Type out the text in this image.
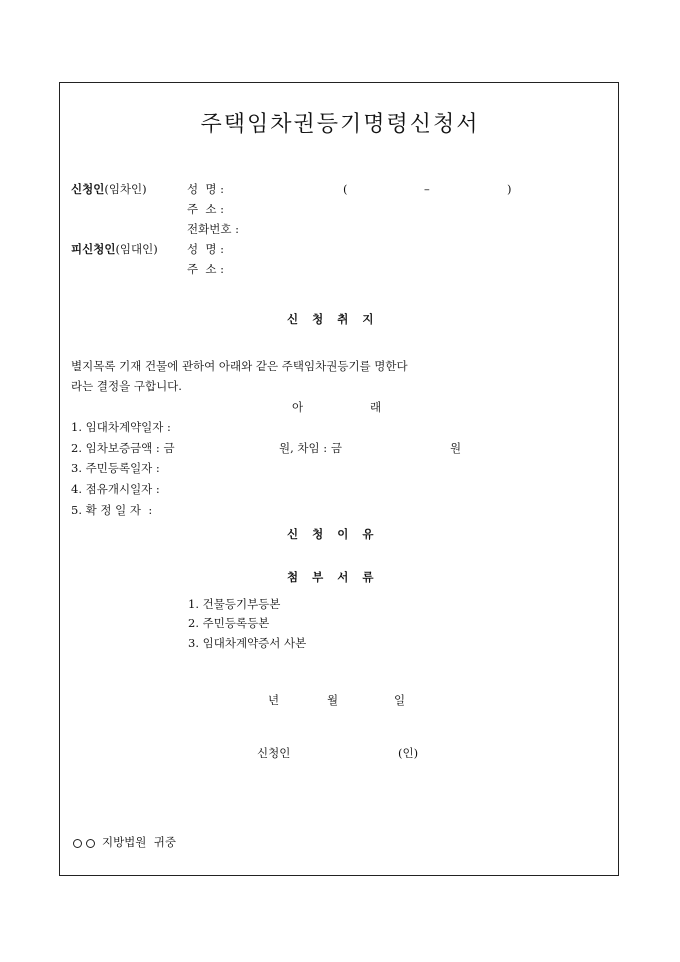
주택임차권등기명령신청서
신청인(임차인)	성  명 :	(	–	)
주  소 :
전화번호 :
피신청인(임대인)	성  명 :
주  소 :
신청취지
별지목록 기재 건물에 관하여 아래와 같은 주택임차권등기를 명한다
라는 결정을 구합니다.
아	래
1. 임대차계약일자 :
2. 임차보증금액 : 금	원, 차임 : 금	원
3. 주민등록일자 :
4. 점유개시일자 :
5. 확 정 일 자  :
신청이유
첨부서류
1. 건물등기부등본
2. 주민등록등본
3. 임대차계약증서 사본
년	월	일
신청인	(인)
지방법원  귀중
